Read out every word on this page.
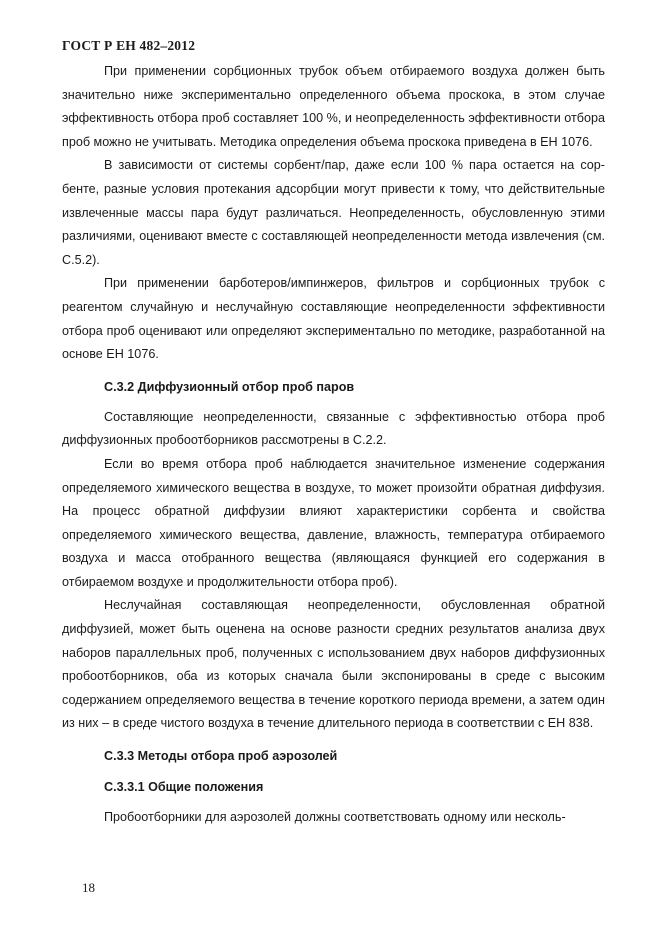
ГОСТ Р ЕН 482–2012

При применении сорбционных трубок объем отбираемого воздуха должен быть значительно ниже экспериментально определенного объема проскока, в этом случае эффективность отбора проб составляет 100 %, и неопределенность эффективности отбора проб можно не учитывать. Методика определения объема проскока приведена в ЕН 1076.

В зависимости от системы сорбент/пар, даже если 100 % пара остается на сорбенте, разные условия протекания адсорбции могут привести к тому, что действительные извлеченные массы пара будут различаться. Неопределенность, обусловленную этими различиями, оценивают вместе с составляющей неопределенности метода извлечения (см. С.5.2).

При применении барботеров/импинжеров, фильтров и сорбционных трубок с реагентом случайную и неслучайную составляющие неопределенности эффективности отбора проб оценивают или определяют экспериментально по методике, разработанной на основе ЕН 1076.

С.3.2 Диффузионный отбор проб паров

Составляющие неопределенности, связанные с эффективностью отбора проб диффузионных пробоотборников рассмотрены в С.2.2.

Если во время отбора проб наблюдается значительное изменение содержания определяемого химического вещества в воздухе, то может произойти обратная диффузия. На процесс обратной диффузии влияют характеристики сорбента и свойства определяемого химического вещества, давление, влажность, температура отбираемого воздуха и масса отобранного вещества (являющаяся функцией его содержания в отбираемом воздухе и продолжительности отбора проб).

Неслучайная составляющая неопределенности, обусловленная обратной диффузией, может быть оценена на основе разности средних результатов анализа двух наборов параллельных проб, полученных с использованием двух наборов диффузионных пробоотборников, оба из которых сначала были экспонированы в среде с высоким содержанием определяемого вещества в течение короткого периода времени, а затем один из них – в среде чистого воздуха в течение длительного периода в соответствии с ЕН 838.

С.3.3 Методы отбора проб аэрозолей
С.3.3.1 Общие положения

Пробоотборники для аэрозолей должны соответствовать одному или несколь-

18
